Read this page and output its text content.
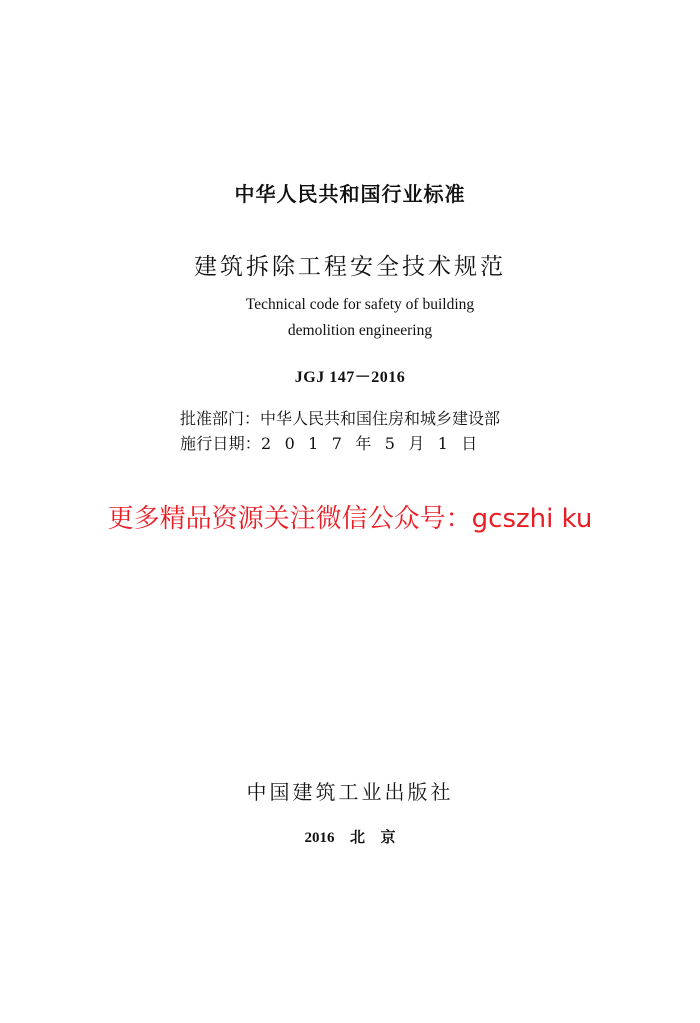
中华人民共和国行业标准
建筑拆除工程安全技术规范
Technical code for safety of building
demolition engineering
JGJ 147－2016
批准部门：中华人民共和国住房和城乡建设部
施行日期：2017年5月1日
更多精品资源关注微信公众号：gcszhi ku
中国建筑工业出版社
2016  北  京
